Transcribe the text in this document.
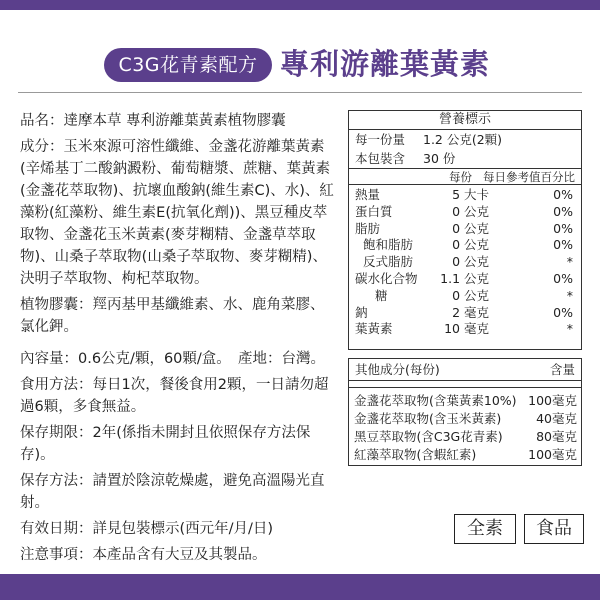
C3G花青素配方 專利游離葉黃素
品名：達摩本草 專利游離葉黃素植物膠囊
成分：玉米來源可溶性纖維、金盞花游離葉黃素(辛烯基丁二酸鈉澱粉、葡萄糖漿、蔗糖、葉黃素(金盞花萃取物)、抗壞血酸鈉(維生素C)、水)、紅藻粉(紅藻粉、維生素E(抗氧化劑))、黑豆種皮萃取物、金盞花玉米黃素(麥芽糊精、金盞草萃取物)、山桑子萃取物(山桑子萃取物、麥芽糊精)、決明子萃取物、枸杞萃取物。
植物膠囊：羥丙基甲基纖維素、水、鹿角菜膠、氯化鉀。
內容量：0.6公克/顆，60顆/盒。　產地：台灣。
食用方法：每日1次，餐後食用2顆，一日請勿超過6顆，多食無益。
保存期限：2年(係指未開封且依照保存方法保存)。
保存方法：請置於陰涼乾燥處，避免高溫陽光直射。
有效日期：詳見包裝標示(西元年/月/日)
注意事項：本產品含有大豆及其製品。
營養標示
每一份量 1.2 公克(2顆)
本包裝含 30 份
每份 每日參考值百分比
熱量	5 大卡	0%
蛋白質	0 公克	0%
脂肪	0 公克	0%
飽和脂肪	0 公克	0%
反式脂肪	0 公克	*
碳水化合物	1.1 公克	0%
糖	0 公克	*
鈉	2 毫克	0%
葉黃素	10 毫克	*
其他成分(每份)	含量
金盞花萃取物(含葉黃素10%) 100毫克
金盞花萃取物(含玉米黃素)	40毫克
黑豆萃取物(含C3G花青素)	80毫克
紅藻萃取物(含蝦紅素)	100毫克
全素	食品
